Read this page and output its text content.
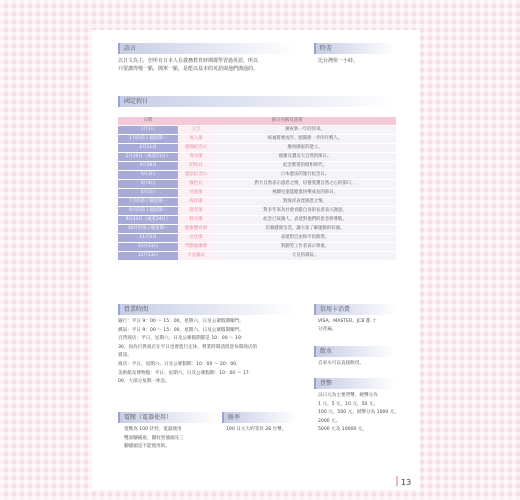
語言
以日文為主，但所有日本人在義務教育時期都學習過英語，所以
只要講得慢一點，簡單一點，是能以基本的英語與他們溝通的。
時差
比台灣快一小時。
國定假日
日期	節日名稱及意義	
1月1日	元旦	慶祝新一年的到來。
1月的第２個星期一	成人節	祝福將要成年、踏開新一步的年輕人。
2月11日	建國紀念日	慶祝國家的建立。
2月20日（或者21日）	春分節	感謝及讚美大自然的節日。
4月29日	昭和日	紀念繁榮的昭和時代。
5月3日	憲法紀念日	日本憲法的施行紀念日。
5月4日	綠色日	對大自然表示感恩之情，培養愛護自然之心的節日。
5月5日	兒童節	祝願兒童能健康快樂成長的節日。
7月的第３個星期一	海洋節	對海洋表達感恩之情。
9月的第３個星期一	敬老節	對多年來為社會貢獻自身的長者表示謝意。
9月23日（或者24日）	秋分節	紀念已故親人，表達對他們的思念與尊敬。
10月的第２個星期一	健康體育節	培養健康生活，讓大家了解運動的好處。
11月3日	文化節	表達對自由和平的熱愛。
11月23日	勞動感謝節	對勤勞工作者表示尊重。
12月23日	天皇誕辰	天皇的壽辰。
營業時間
銀行：平日 9：00 ～ 15：00，星期六、日及公眾假期關門。
郵局：平日 9：00 ～ 15：00，星期六、日及公眾假期關門。
百貨商店：平日、星期六、日及公眾假期都是 10：00 ～ 19：
30，因為百貨商店在平日也會進行定休，營業時間請留意每間商店的
資訊。
商店：平日、星期六、日及公眾假期：10：00 ～ 20：00。
美術館及博物館：平日、星期六、日及公眾假期：10：00 ～ 17：
00，大部分星期一休息。
信用卡消費
VISA、MASTER、JCB 都 十
分普遍。
飲水
自來水可以直接飲用。
貨幣
以日元為主要貨幣，硬幣分為
1 元、5 元、10 元、50 元、
100 元、500 元。紙幣分為 1000 元、2000 元、
5000 元及 10000 元。
電壓（電器使用）
電壓為 100 伏特，電器使用
雙面腳插座，圓柱型插頭及三
腳插頭是不能使用的。
匯率
100 日元大約等於 28 台幣。
13
